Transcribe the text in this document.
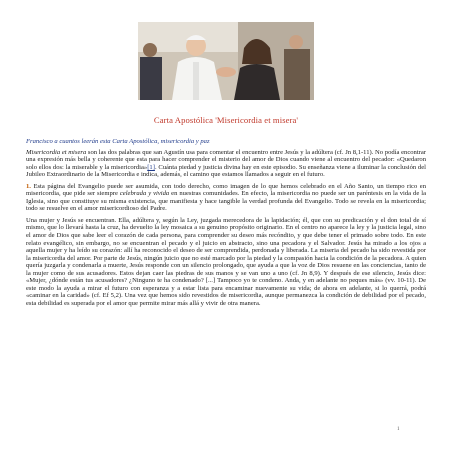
Carta Apostólica 'Misericordia et misera'

Francisco a cuantos leerán esta Carta Apostólica, misericordia y paz

Misericordia et misera son las dos palabras que san Agustín usa para comentar el encuentro entre Jesús y la adúltera (cf. Jn 8,1-11). No podía encontrar una expresión más bella y coherente que esta para hacer comprender el misterio del amor de Dios cuando viene al encuentro del pecador: «Quedaron solo ellos dos: la miserable y la misericordia»[1]. Cuánta piedad y justicia divina hay en este episodio. Su enseñanza viene a iluminar la conclusión del Jubileo Extraordinario de la Misericordia e indica, además, el camino que estamos llamados a seguir en el futuro.

1. Esta página del Evangelio puede ser asumida, con todo derecho, como imagen de lo que hemos celebrado en el Año Santo, un tiempo rico en misericordia, que pide ser siempre celebrada y vivida en nuestras comunidades. En efecto, la misericordia no puede ser un paréntesis en la vida de la Iglesia, sino que constituye su misma existencia, que manifiesta y hace tangible la verdad profunda del Evangelio. Todo se revela en la misericordia; todo se resuelve en el amor misericordioso del Padre.

Una mujer y Jesús se encuentran. Ella, adúltera y, según la Ley, juzgada merecedora de la lapidación; él, que con su predicación y el don total de sí mismo, que lo llevará hasta la cruz, ha devuelto la ley mosaica a su genuino propósito originario. En el centro no aparece la ley y la justicia legal, sino el amor de Dios que sabe leer el corazón de cada persona, para comprender su deseo más recóndito, y que debe tener el primado sobre todo. En este relato evangélico, sin embargo, no se encuentran el pecado y el juicio en abstracto, sino una pecadora y el Salvador. Jesús ha mirado a los ojos a aquella mujer y ha leído su corazón: allí ha reconocido el deseo de ser comprendida, perdonada y liberada. La miseria del pecado ha sido revestida por la misericordia del amor. Por parte de Jesús, ningún juicio que no esté marcado por la piedad y la compasión hacia la condición de la pecadora. A quien quería juzgarla y condenarla a muerte, Jesús responde con un silencio prolongado, que ayuda a que la voz de Dios resuene en las conciencias, tanto de la mujer como de sus acusadores. Estos dejan caer las piedras de sus manos y se van uno a uno (cf. Jn 8,9). Y después de ese silencio, Jesús dice: «Mujer, ¿dónde están tus acusadores? ¿Ninguno te ha condenado? [...] Tampoco yo te condeno. Anda, y en adelante no peques más» (vv. 10-11). De este modo la ayuda a mirar el futuro con esperanza y a estar lista para encaminar nuevamente su vida; de ahora en adelante, si lo querrá, podrá «caminar en la caridad» (cf. Ef 5,2). Una vez que hemos sido revestidos de misericordia, aunque permanezca la condición de debilidad por el pecado, esta debilidad es superada por el amor que permite mirar más allá y vivir de otra manera.

1
